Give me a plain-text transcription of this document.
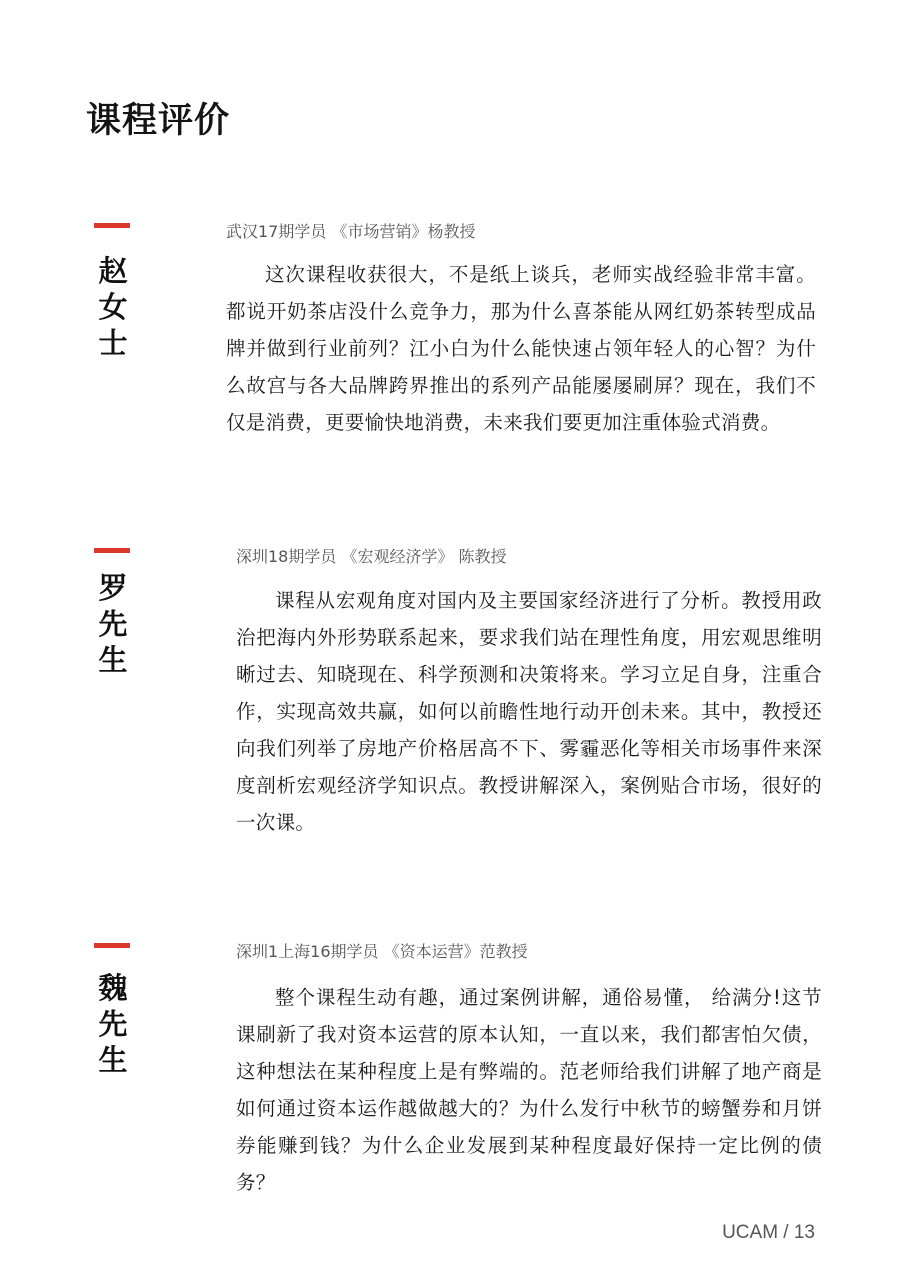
课程评价
赵女士
武汉17期学员 《市场营销》杨教授

这次课程收获很大，不是纸上谈兵，老师实战经验非常丰富。都说开奶茶店没什么竞争力，那为什么喜茶能从网红奶茶转型成品牌并做到行业前列？江小白为什么能快速占领年轻人的心智？为什么故宫与各大品牌跨界推出的系列产品能屡屡刷屏？现在，我们不仅是消费，更要愉快地消费，未来我们要更加注重体验式消费。

罗先生
深圳18期学员 《宏观经济学》 陈教授

课程从宏观角度对国内及主要国家经济进行了分析。教授用政治把海内外形势联系起来，要求我们站在理性角度，用宏观思维明晰过去、知晓现在、科学预测和决策将来。学习立足自身，注重合作，实现高效共赢，如何以前瞻性地行动开创未来。其中，教授还向我们列举了房地产价格居高不下、雾霾恶化等相关市场事件来深度剖析宏观经济学知识点。教授讲解深入，案例贴合市场，很好的一次课。

魏先生
深圳1上海16期学员 《资本运营》范教授

整个课程生动有趣，通过案例讲解，通俗易懂， 给满分!这节课刷新了我对资本运营的原本认知，一直以来，我们都害怕欠债，这种想法在某种程度上是有弊端的。范老师给我们讲解了地产商是如何通过资本运作越做越大的？为什么发行中秋节的螃蟹券和月饼券能赚到钱？为什么企业发展到某种程度最好保持一定比例的债务？

UCAM / 13
